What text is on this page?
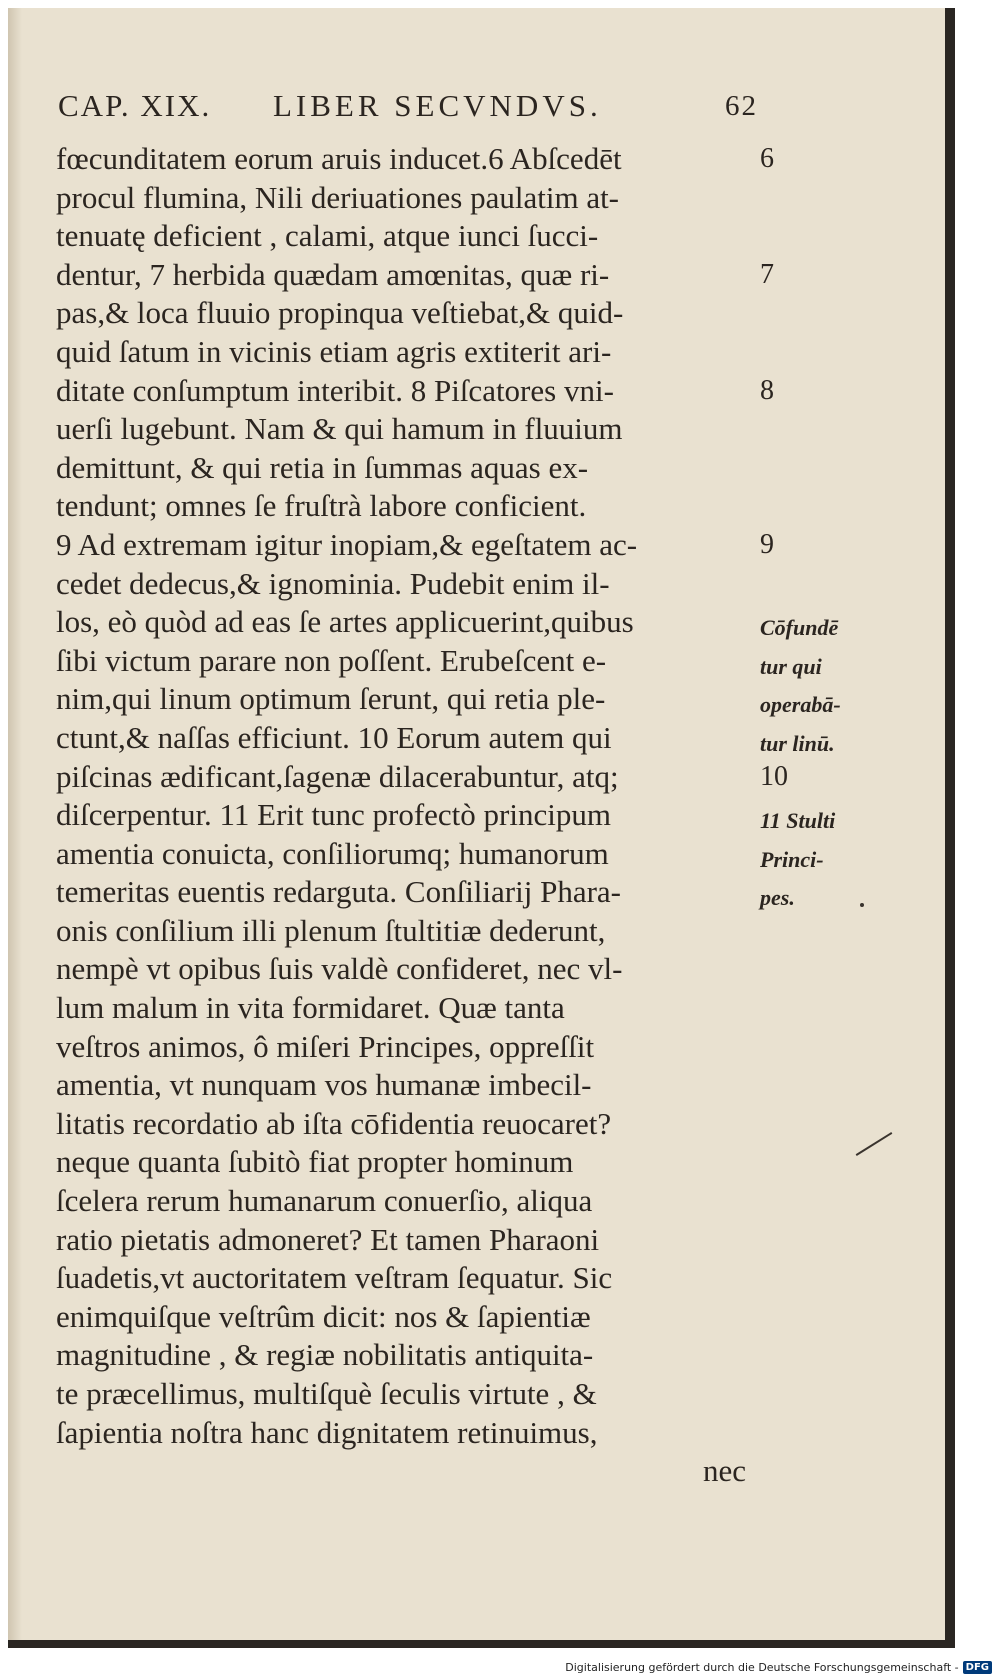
CAP. XIX. LIBER SECVNDVS.	62
fœcunditatem eorum aruis inducet.6 Abſcedēt
procul flumina, Nili deriuationes paulatim at-
tenuatę deficient , calami, atque iunci ſucci-
dentur, 7 herbida quædam amœnitas, quæ ri-
pas,& loca fluuio propinqua veſtiebat,& quid-
quid ſatum in vicinis etiam agris extiterit ari-
ditate conſumptum interibit. 8 Piſcatores vni-
uerſi lugebunt. Nam & qui hamum in fluuium
demittunt, & qui retia in ſummas aquas ex-
tendunt; omnes ſe fruſtrà labore conficient.
9 Ad extremam igitur inopiam,& egeſtatem ac-
cedet dedecus,& ignominia. Pudebit enim il-
los, eò quòd ad eas ſe artes applicuerint,quibus
ſibi victum parare non poſſent. Erubeſcent e-
nim,qui linum optimum ſerunt, qui retia ple-
ctunt,& naſſas efficiunt. 10 Eorum autem qui
piſcinas ædificant,ſagenæ dilacerabuntur, atq;
diſcerpentur. 11 Erit tunc profectò principum
amentia conuicta, conſiliorumq; humanorum
temeritas euentis redarguta. Conſiliarij Phara-
onis conſilium illi plenum ſtultitiæ dederunt,
nempè vt opibus ſuis valdè confideret, nec vl-
lum malum in vita formidaret. Quæ tanta
veſtros animos, ô miſeri Principes, oppreſſit
amentia, vt nunquam vos humanæ imbecil-
litatis recordatio ab iſta cōfidentia reuocaret?
neque quanta ſubitò fiat propter hominum
ſcelera rerum humanarum conuerſio, aliqua
ratio pietatis admoneret? Et tamen Pharaoni
ſuadetis,vt auctoritatem veſtram ſequatur. Sic
enimquiſque veſtrûm dicit: nos & ſapientiæ
magnitudine , & regiæ nobilitatis antiquita-
te præcellimus, multiſquè ſeculis virtute , &
ſapientia noſtra hanc dignitatem retinuimus,
nec
6
7
8
9
Cōfundē
tur qui
operabā-
tur linū.
10
11 Stulti
Princi-
pes.
Digitalisierung gefördert durch die Deutsche Forschungsgemeinschaft - DFG
